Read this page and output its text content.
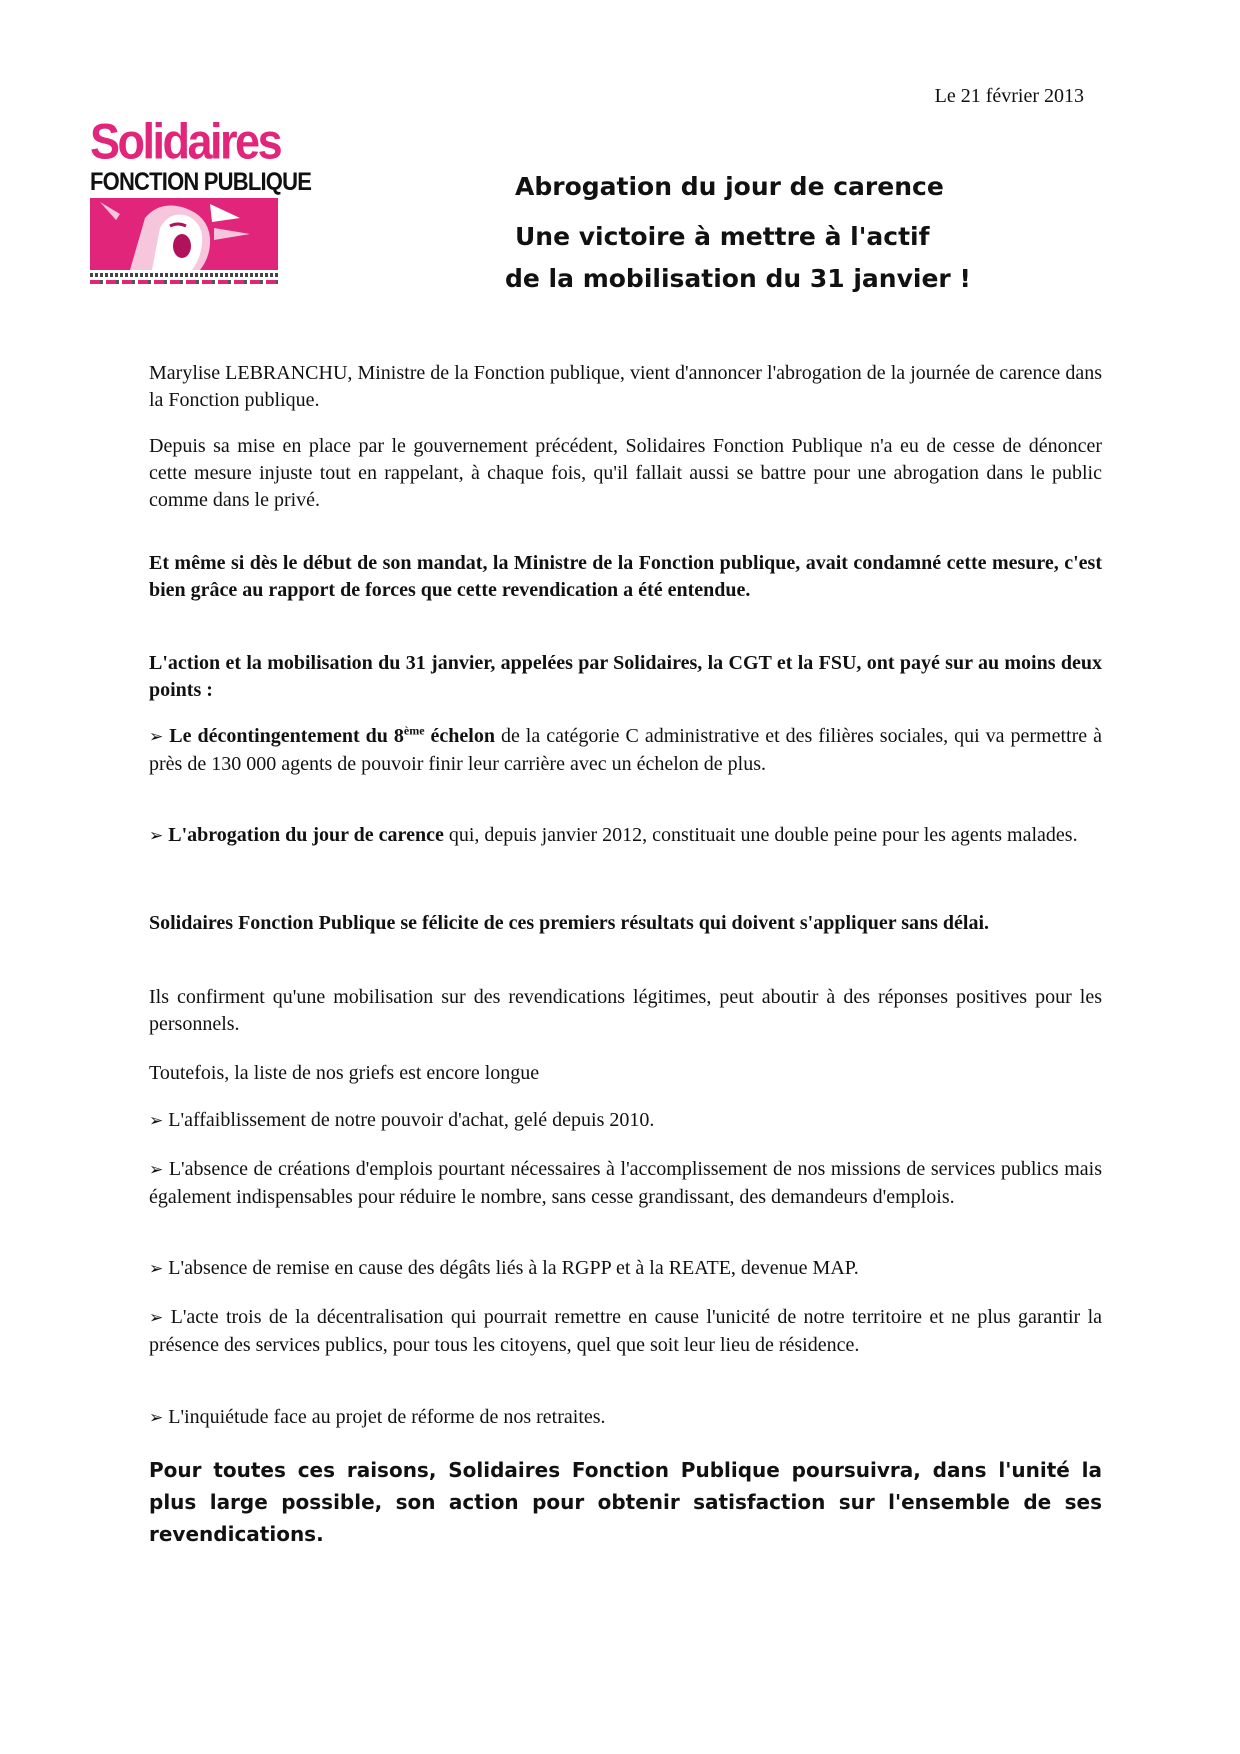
Solidaires
FONCTION PUBLIQUE
Le 21 février 2013
Abrogation du jour de carence
Une victoire à mettre à l'actif
de la mobilisation du 31 janvier !
Marylise LEBRANCHU, Ministre de la Fonction publique, vient d'annoncer l'abrogation de la journée de carence dans la Fonction publique.
Depuis sa mise en place par le gouvernement précédent, Solidaires Fonction Publique n'a eu de cesse de dénoncer cette mesure injuste tout en rappelant, à chaque fois, qu'il fallait aussi se battre pour une abrogation dans le public comme dans le privé.
Et même si dès le début de son mandat, la Ministre de la Fonction publique, avait condamné cette mesure, c'est bien grâce au rapport de forces que cette revendication a été entendue.
L'action et la mobilisation du 31 janvier, appelées par Solidaires, la CGT et la FSU, ont payé sur au moins deux points :
➢ Le décontingentement du 8ème échelon de la catégorie C administrative et des filières sociales, qui va permettre à près de 130 000 agents de pouvoir finir leur carrière avec un échelon de plus.
➢ L'abrogation du jour de carence qui, depuis janvier 2012, constituait une double peine pour les agents malades.
Solidaires Fonction Publique se félicite de ces premiers résultats qui doivent s'appliquer sans délai.
Ils confirment qu'une mobilisation sur des revendications légitimes, peut aboutir à des réponses positives pour les personnels.
Toutefois, la liste de nos griefs est encore longue
➢ L'affaiblissement de notre pouvoir d'achat, gelé depuis 2010.
➢ L'absence de créations d'emplois pourtant nécessaires à l'accomplissement de nos missions de services publics mais également indispensables pour réduire le nombre, sans cesse grandissant, des demandeurs d'emplois.
➢ L'absence de remise en cause des dégâts liés à la RGPP et à la REATE, devenue MAP.
➢ L'acte trois de la décentralisation qui pourrait remettre en cause l'unicité de notre territoire et ne plus garantir la présence des services publics, pour tous les citoyens, quel que soit leur lieu de résidence.
➢ L'inquiétude face au projet de réforme de nos retraites.
Pour toutes ces raisons, Solidaires Fonction Publique poursuivra, dans l'unité la plus large possible, son action pour obtenir satisfaction sur l'ensemble de ses revendications.
